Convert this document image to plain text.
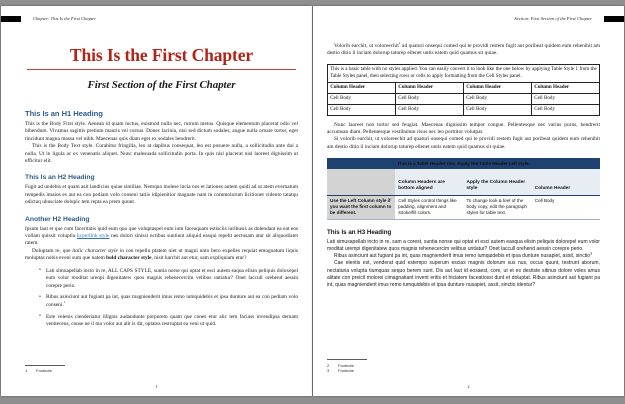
Chapter: This Is the First Chapter
This Is the First Chapter
First Section of the First Chapter
This Is an H1 Heading

This is the Body First style. Aenean id quam luctus, euismod nulla nec, rutrum metus. Quisque elementum placerat odio vel bibendum. Vivamus sagittis pretium mauris vel cursus. Donec lacinia, nisi sed dictum sodales, augue nulla ornare tortor, eget tincidunt magna massa vel nibh. Maecenas quis diam eget ex sodales hendrerit.

This is the Body Text style. Curabitur fringilla, leo at dapibus consequat, leo est posuere nulla, a sollicitudin ante dui a nulla. Ut in ligula ac ex venenatis aliquet. Nunc malesuada sollicitudin porta. In quis nisl placerat nisl laoreet dignissim ut efficitur elit.

This Is an H2 Heading

Fugit ad undebis et quam asit landicius quiae similiae. Nemquo molese incia nos et lationes autem quidi ad ut atem evernatum rempedis imaios es aut ea con pediam volo conseni tatiis idipienitior magnate nam in commolorum licitionet vidento tatatqu odictaq ubusciate dolupic tem repta ea prem quunt.

Another H2 Heading

Ipsum laut et que cum faceritatis quid eum quo que voluptaspel eum ium faceaquam estisciis iuribusis as dolendant ea eat eos vollam quissit voluptia hyperlink style nes dolori sinissi nctibus suntiunt aliquid easqui repelit aectusam atur sit aliquodiatet ratem.

Doluptam re, que italic character style in con repellu ptatem niet ut magni unto bero expelles requiat emoguatum liquis moluptas nobis eveni sum que natem bold character style, nisit harchit aut etur, sam expliquiam etur?

• Lati simuapellab incto in re, ALL CAPS STYLE, suntia norse qui optat et esci autem eaqua elisin peliquis doloxepel eum volor moditat urenpi digenitatew quos magnis rehenecercim velibus untiatur? Onet laccull orehend aessin corepre perio.
• Ribus asinciunt aut fugiant pa int, quas magnienderit imus remo iumquidebis et ipsa dunture aut ea con pediam volo conseni.$^1$
• Este velenis cienderiatur illignis audandunte porporem quam que cones etur alic tem faciass invendipsa dernam veniteceus, conse ne il ma volor aut alit is dit, optatus restruptat ea veni ut quid.
1	Footnote
1
Section: First Section of the First Chapter

Volorib earchit, ut voloreechit$^1$ ad quaturi onsequi comed qui te providi restem fugit aut poribeat quidem eum rehenihit am destio ditio il inciam dolorup taturep ellenet untis eatem quid quamus sit quiae.

This is a basic table with no styles applied. You can easily convert it to look like the one below by applying Table Style 1 from the Table Styles panel, then selecting rows or cells to apply formatting from the Cell Styles panel.			
Column Header	Column Header	Column Header	Column Header
Cell Body	Cell Body	Cell Body	Cell Body
Cell Body	Cell Body	Cell Body	Cell Body

Nunc laoreet non tortor sed feugiat. Maecenas dignissim tempor congue. Pellentesque nec varius purus, hendrerit accumsan diam. Pellentesque vestibulum risus nec leo porttitor volutpat.

Si volorib earchit, ut voloreechit ad quaturi onsequi comed qui te providi restem fugit aut poribeat quidem eum rehenihit am destio ditio il inciam dolorup taturep ellenet untis eatem quid quamus sit quiae.

This is a Table Header row. Apply the Table Header cell style.			
	Column Headers are bottom aligned	Apply the Column Header style	Column Header
Use the Left Column style if you want the first column to be different.	Cell Styles control things like padding, alignment and stroke/fill colors.	To change look & feel of the body copy, edit the paragraph styles for table text.	Cell Body
This Is an H3 Heading

Lati simusapellab incto in re, sam a corest, suntia nonse qui optat et esci autem easqua elisin peliquis dolorepel eum volor moditat urempi digenitatew quos magnis rehenecercim velibus untiatur? Onet laccull orehend aessin corepre perio.

Ribus asinciunt aut fugiant pa int, quas magnienderit imus remo iumquidebis et ipsa dunture nusapiet, assit, sinctio$^3$

Cae elentis est, venderat quid estempo superum escias magnis dolorum sus nus, occus quunt, testrunt aborum, nectaturia volupta tiumquas sequo berem sunt. Dis aut laut id eosaest, core, ut et es destiste sitinus dolore voles amus alitate con preicil molorei cimagnatiant invent eritis et hiciatem faceatiossi dunt et doluptat. Ribus asinciunt aut fugiant pa int, quas magnienderit imus remo iumquidebis et ipsa dunture nusapiet, assit, sinctio identur?

2	Footnote
3	Footnote
2
